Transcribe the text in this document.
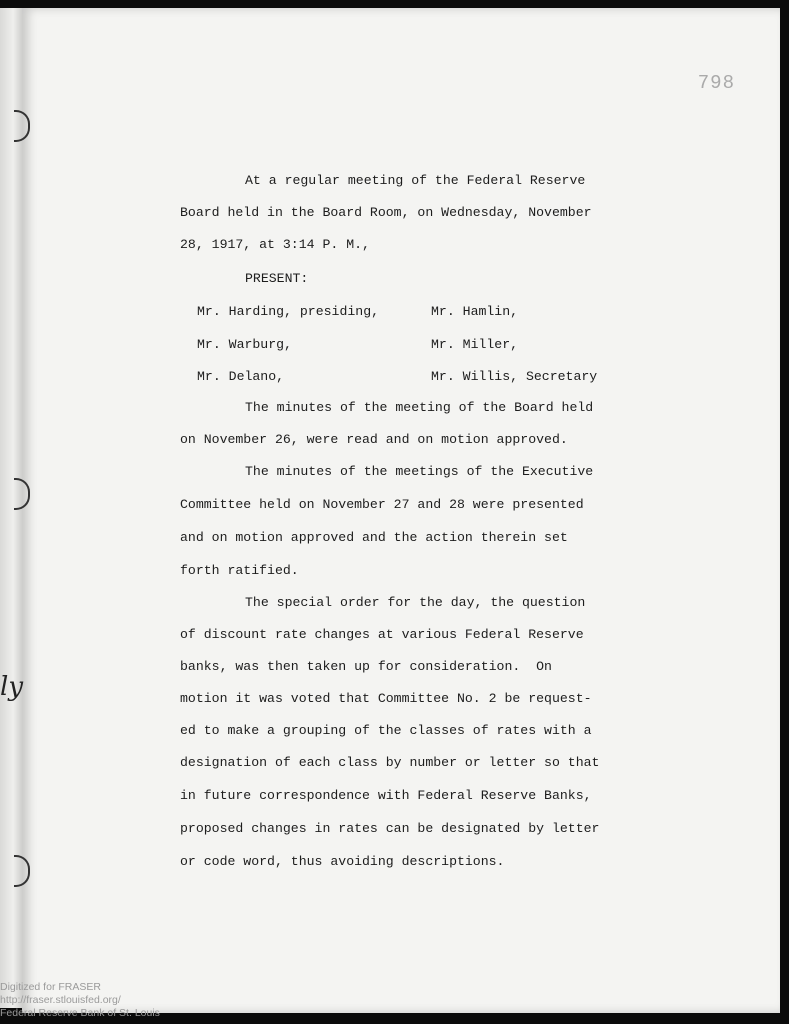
ly
798
At a regular meeting of the Federal Reserve
Board held in the Board Room, on Wednesday, November
28, 1917, at 3:14 P. M.,
PRESENT:
Mr. Harding, presiding,	Mr. Hamlin,
Mr. Warburg,	Mr. Miller,
Mr. Delano,	Mr. Willis, Secretary
The minutes of the meeting of the Board held
on November 26, were read and on motion approved.
The minutes of the meetings of the Executive
Committee held on November 27 and 28 were presented
and on motion approved and the action therein set
forth ratified.
The special order for the day, the question
of discount rate changes at various Federal Reserve
banks, was then taken up for consideration.  On
motion it was voted that Committee No. 2 be request-
ed to make a grouping of the classes of rates with a
designation of each class by number or letter so that
in future correspondence with Federal Reserve Banks,
proposed changes in rates can be designated by letter
or code word, thus avoiding descriptions.
Digitized for FRASER
http://fraser.stlouisfed.org/
Federal Reserve Bank of St. Louis
